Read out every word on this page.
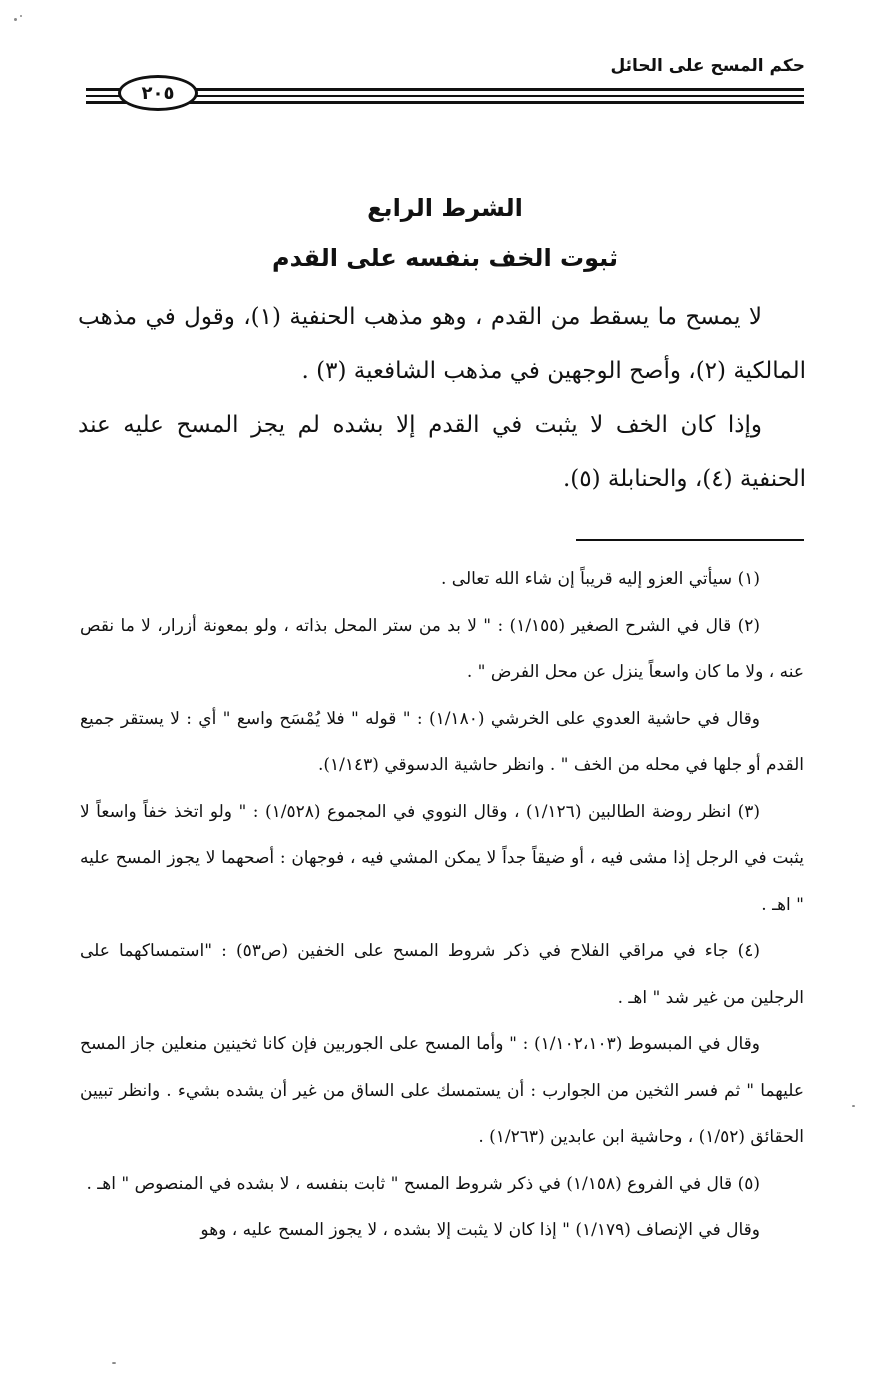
حكم المسح على الحائل
٢٠٥
الشرط الرابع
ثبوت الخف بنفسه على القدم

لا يمسح ما يسقط من القدم ، وهو مذهب الحنفية (١)، وقول في مذهب المالكية (٢)، وأصح الوجهين في مذهب الشافعية (٣) .

وإذا كان الخف لا يثبت في القدم إلا بشده لم يجز المسح عليه عند الحنفية (٤)، والحنابلة (٥).

(١) سيأتي العزو إليه قريباً إن شاء الله تعالى .

(٢) قال في الشرح الصغير (١/١٥٥) : " لا بد من ستر المحل بذاته ، ولو بمعونة أزرار، لا ما نقص عنه ، ولا ما كان واسعاً ينزل عن محل الفرض " .

وقال في حاشية العدوي على الخرشي (١/١٨٠) : " قوله " فلا يُمْسَح واسع " أي : لا يستقر جميع القدم أو جلها في محله من الخف " . وانظر حاشية الدسوقي (١/١٤٣).

(٣) انظر روضة الطالبين (١/١٢٦) ، وقال النووي في المجموع (١/٥٢٨) : " ولو اتخذ خفاً واسعاً لا يثبت في الرجل إذا مشى فيه ، أو ضيقاً جداً لا يمكن المشي فيه ، فوجهان : أصحهما لا يجوز المسح عليه " اهـ .

(٤) جاء في مراقي الفلاح في ذكر شروط المسح على الخفين (ص٥٣) : "استمساكهما على الرجلين من غير شد " اهـ .

وقال في المبسوط (١/١٠٢،١٠٣) : " وأما المسح على الجوربين فإن كانا ثخينين منعلين جاز المسح عليهما " ثم فسر الثخين من الجوارب : أن يستمسك على الساق من غير أن يشده بشيء . وانظر تبيين الحقائق (١/٥٢) ، وحاشية ابن عابدين (١/٢٦٣) .

(٥) قال في الفروع (١/١٥٨) في ذكر شروط المسح " ثابت بنفسه ، لا بشده في المنصوص " اهـ .

وقال في الإنصاف (١/١٧٩) " إذا كان لا يثبت إلا بشده ، لا يجوز المسح عليه ، وهو
